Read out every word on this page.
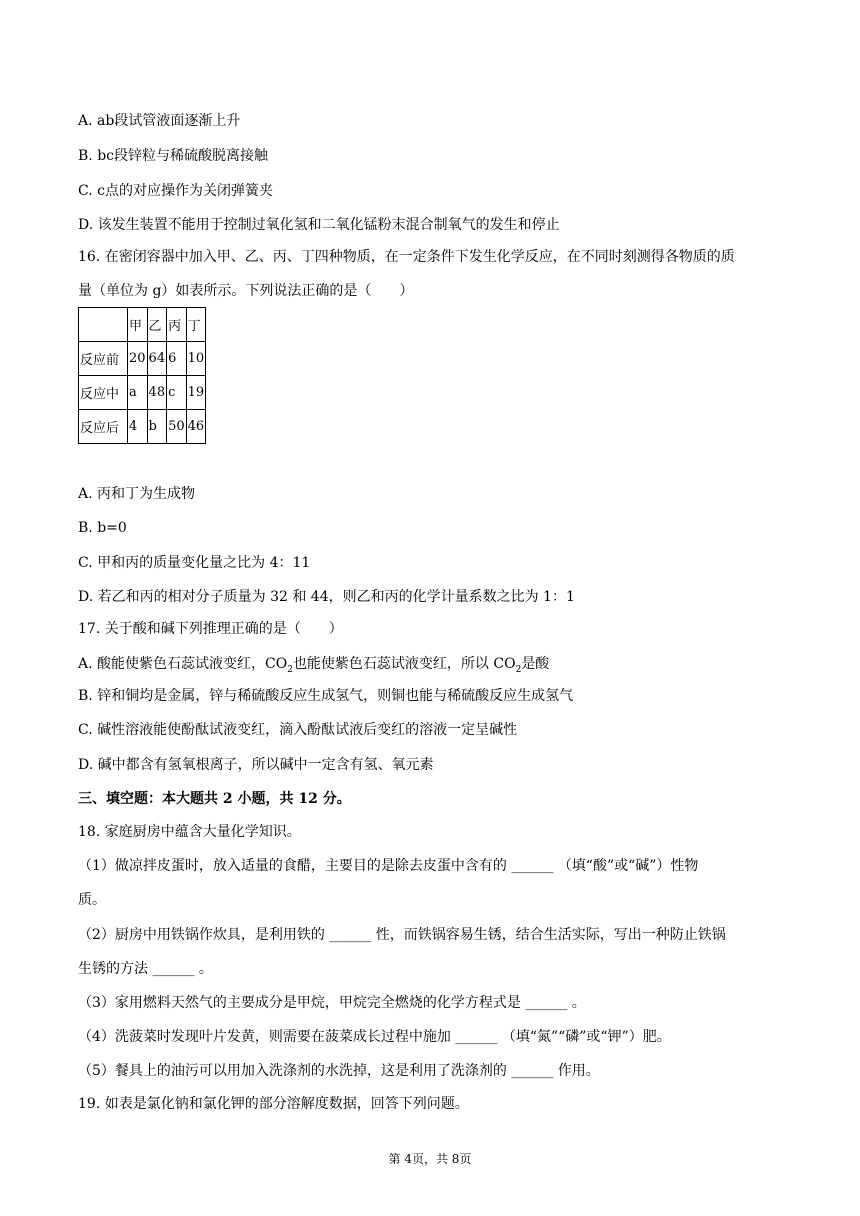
A. ab段试管液面逐渐上升
B. bc段锌粒与稀硫酸脱离接触
C. c点的对应操作为关闭弹簧夹
D. 该发生装置不能用于控制过氧化氢和二氧化锰粉末混合制氧气的发生和停止
16. 在密闭容器中加入甲、乙、丙、丁四种物质，在一定条件下发生化学反应，在不同时刻测得各物质的质
量（单位为 g）如表所示。下列说法正确的是（　　）
	甲	乙	丙	丁
反应前	20	64	6	10
反应中	a	48	c	19
反应后	4	b	50	46
A. 丙和丁为生成物
B. b=0
C. 甲和丙的质量变化量之比为 4：11
D. 若乙和丙的相对分子质量为 32 和 44，则乙和丙的化学计量系数之比为 1：1
17. 关于酸和碱下列推理正确的是（　　）
A. 酸能使紫色石蕊试液变红，$CO_2$也能使紫色石蕊试液变红，所以 $CO_2$是酸
B. 锌和铜均是金属，锌与稀硫酸反应生成氢气，则铜也能与稀硫酸反应生成氢气
C. 碱性溶液能使酚酞试液变红，滴入酚酞试液后变红的溶液一定呈碱性
D. 碱中都含有氢氧根离子，所以碱中一定含有氢、氧元素
三、填空题：本大题共 2 小题，共 12 分。
18. 家庭厨房中蕴含大量化学知识。
（1）做凉拌皮蛋时，放入适量的食醋，主要目的是除去皮蛋中含有的 ______ （填“酸”或“碱”）性物
质。
（2）厨房中用铁锅作炊具，是利用铁的 ______ 性，而铁锅容易生锈，结合生活实际，写出一种防止铁锅
生锈的方法 ______ 。
（3）家用燃料天然气的主要成分是甲烷，甲烷完全燃烧的化学方程式是 ______ 。
（4）洗菠菜时发现叶片发黄，则需要在菠菜成长过程中施加 ______ （填“氮”“磷”或“钾”）肥。
（5）餐具上的油污可以用加入洗涤剂的水洗掉，这是利用了洗涤剂的 ______ 作用。
19. 如表是氯化钠和氯化钾的部分溶解度数据，回答下列问题。
第 4页，共 8页
